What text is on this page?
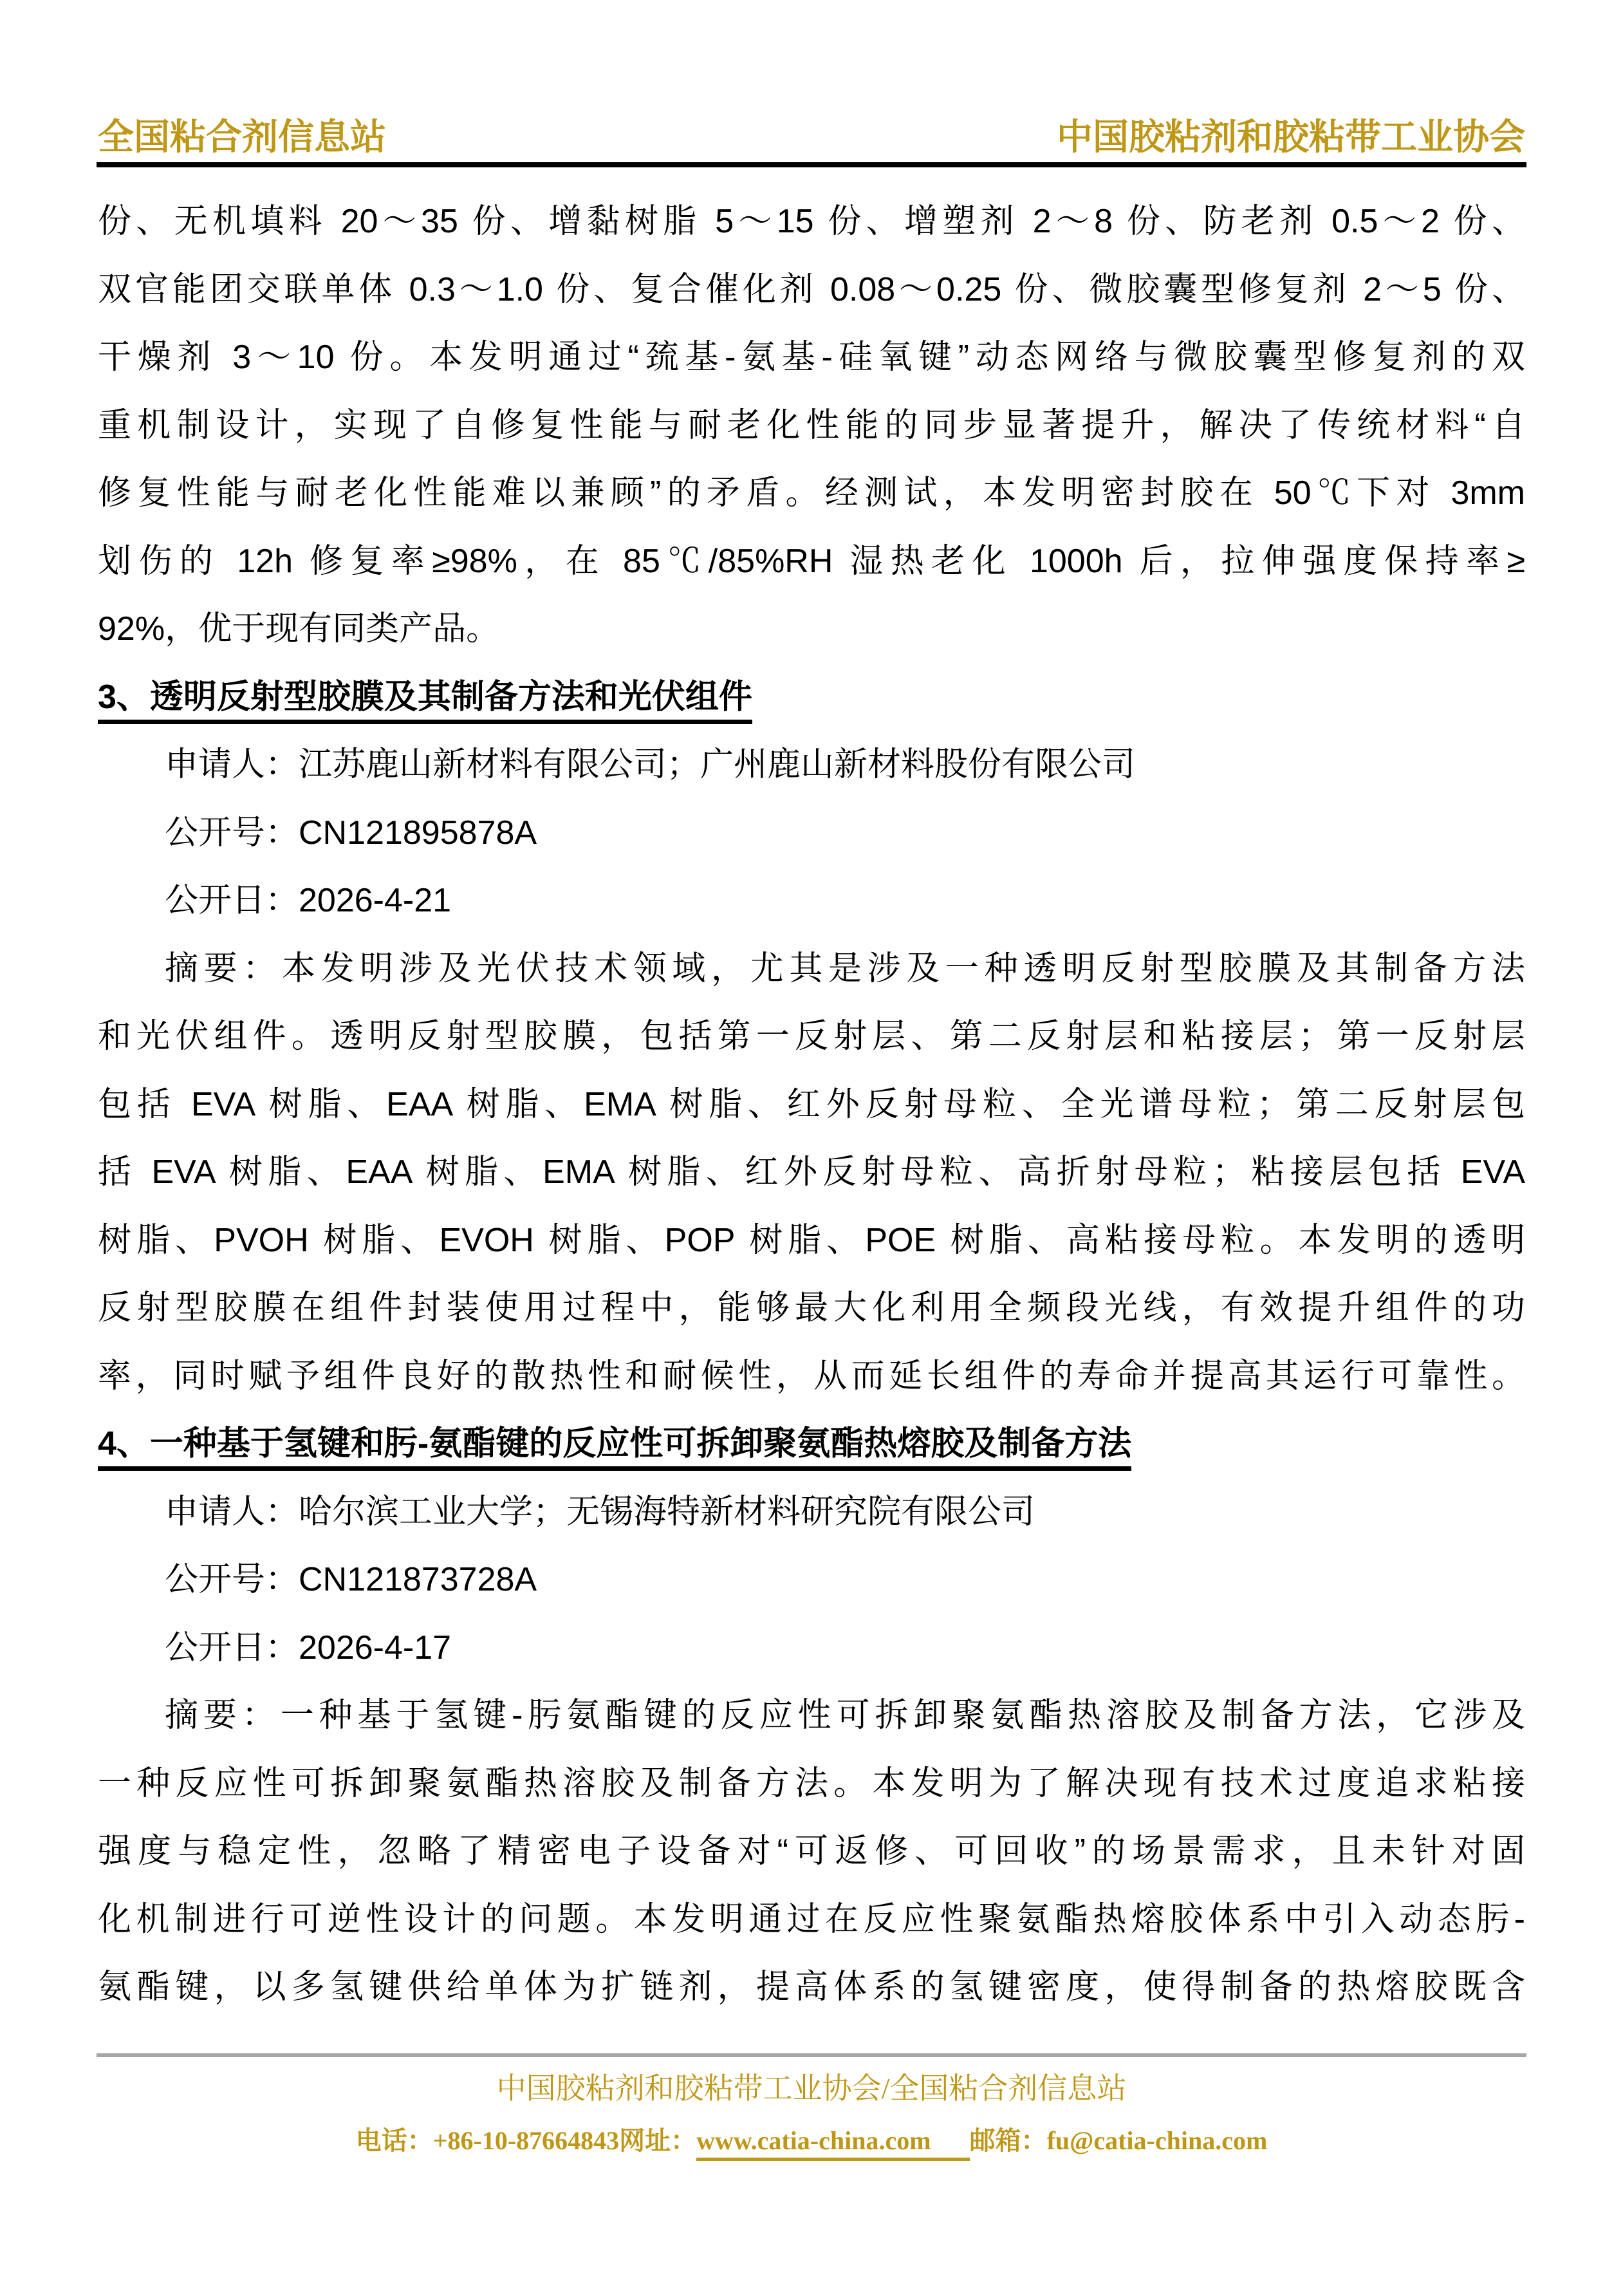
全国粘合剂信息站	中国胶粘剂和胶粘带工业协会
份、无机填料 20～35 份、增黏树脂 5～15 份、增塑剂 2～8 份、防老剂 0.5～2 份、
双官能团交联单体 0.3～1.0 份、复合催化剂 0.08～0.25 份、微胶囊型修复剂 2～5 份、
干燥剂 3～10 份。本发明通过“巯基-氨基-硅氧键”动态网络与微胶囊型修复剂的双
重机制设计，实现了自修复性能与耐老化性能的同步显著提升，解决了传统材料“自
修复性能与耐老化性能难以兼顾”的矛盾。经测试，本发明密封胶在 50℃下对 3mm
划伤的 12h 修复率≥98%，在 85℃/85%RH 湿热老化 1000h 后，拉伸强度保持率≥
92%，优于现有同类产品。
3、透明反射型胶膜及其制备方法和光伏组件
申请人：江苏鹿山新材料有限公司；广州鹿山新材料股份有限公司
公开号：CN121895878A
公开日：2026-4-21
摘要：本发明涉及光伏技术领域，尤其是涉及一种透明反射型胶膜及其制备方法
和光伏组件。透明反射型胶膜，包括第一反射层、第二反射层和粘接层；第一反射层
包括 EVA 树脂、EAA 树脂、EMA 树脂、红外反射母粒、全光谱母粒；第二反射层包
括 EVA 树脂、EAA 树脂、EMA 树脂、红外反射母粒、高折射母粒；粘接层包括 EVA
树脂、PVOH 树脂、EVOH 树脂、POP 树脂、POE 树脂、高粘接母粒。本发明的透明
反射型胶膜在组件封装使用过程中，能够最大化利用全频段光线，有效提升组件的功
率，同时赋予组件良好的散热性和耐候性，从而延长组件的寿命并提高其运行可靠性。
4、一种基于氢键和肟-氨酯键的反应性可拆卸聚氨酯热熔胶及制备方法
申请人：哈尔滨工业大学；无锡海特新材料研究院有限公司
公开号：CN121873728A
公开日：2026-4-17
摘要：一种基于氢键-肟氨酯键的反应性可拆卸聚氨酯热溶胶及制备方法，它涉及
一种反应性可拆卸聚氨酯热溶胶及制备方法。本发明为了解决现有技术过度追求粘接
强度与稳定性，忽略了精密电子设备对“可返修、可回收”的场景需求，且未针对固
化机制进行可逆性设计的问题。本发明通过在反应性聚氨酯热熔胶体系中引入动态肟-
氨酯键，以多氢键供给单体为扩链剂，提高体系的氢键密度，使得制备的热熔胶既含
中国胶粘剂和胶粘带工业协会/全国粘合剂信息站
电话：+86-10-87664843网址：www.catia-china.com 邮箱：fu@catia-china.com
